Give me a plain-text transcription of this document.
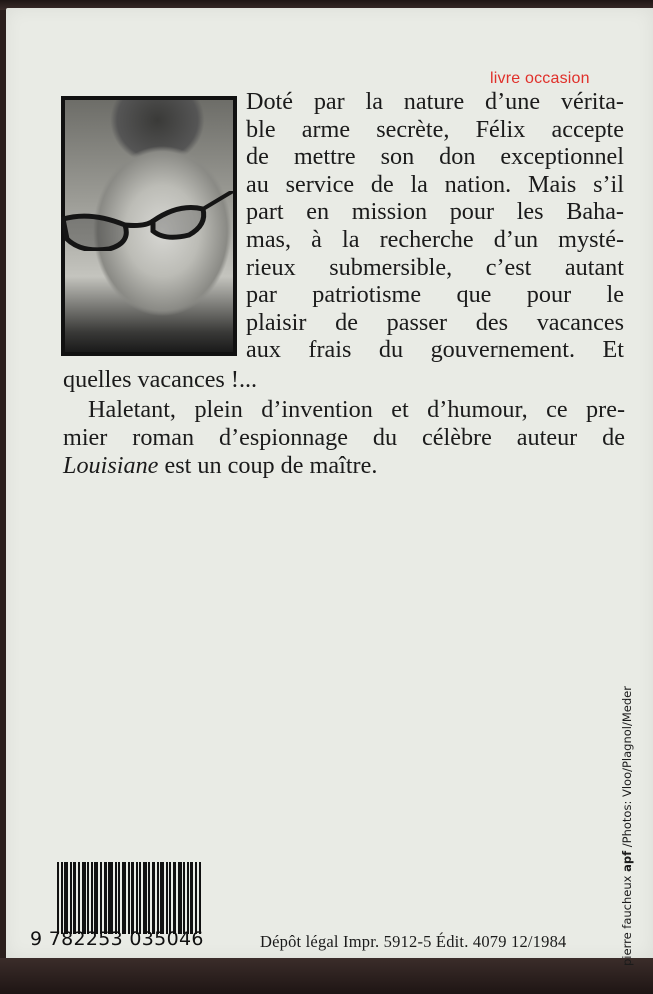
livre occasion
Doté par la nature d’une vérita-
ble arme secrète, Félix accepte
de mettre son don exceptionnel
au service de la nation. Mais s’il
part en mission pour les Baha-
mas, à la recherche d’un mysté-
rieux submersible, c’est autant
par patriotisme que pour le
plaisir de passer des vacances
aux frais du gouvernement. Et
quelles vacances !...
Haletant, plein d’invention et d’humour, ce pre-
mier roman d’espionnage du célèbre auteur de
Louisiane est un coup de maître.
9 782253 035046	Dépôt légal Impr. 5912-5 Édit. 4079 12/1984	pierre faucheux apf /Photos: Vloo/Plagnol/Meder
